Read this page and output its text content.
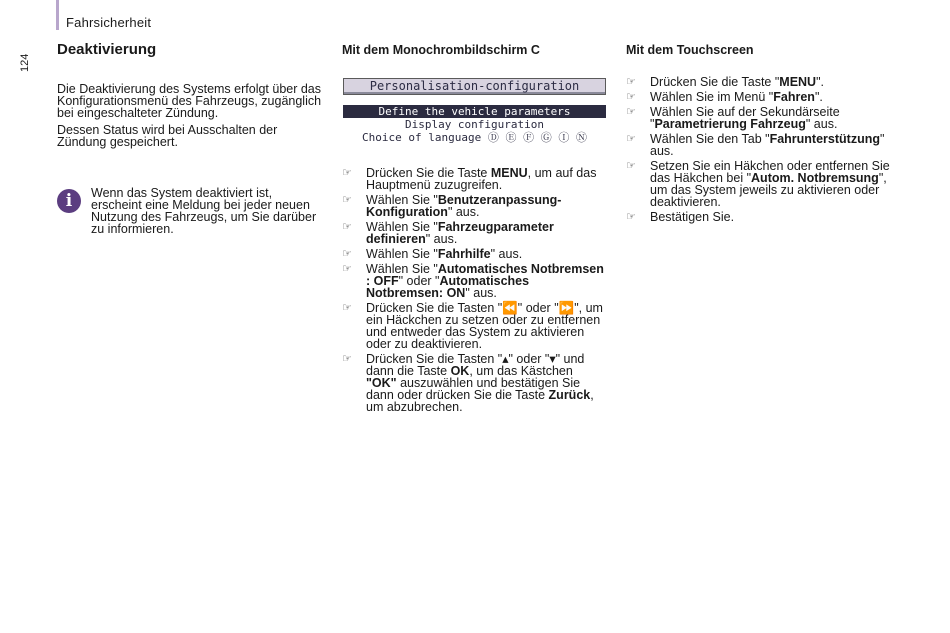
Fahrsicherheit
124
Deaktivierung

Die Deaktivierung des Systems erfolgt über das Konfigurationsmenü des Fahrzeugs, zugänglich bei eingeschalteter Zündung.

Dessen Status wird bei Ausschalten der Zündung gespeichert.

i	Wenn das System deaktiviert ist, erscheint eine Meldung bei jeder neuen Nutzung des Fahrzeugs, um Sie darüber zu informieren.
Mit dem Monochrombildschirm C
Personalisation-configuration
Define the vehicle parameters
Display configuration
Choice of language Ⓓ Ⓔ Ⓕ Ⓖ Ⓘ Ⓝ
☞ Drücken Sie die Taste MENU, um auf das Hauptmenü zuzugreifen.
☞ Wählen Sie "Benutzeranpassung-Konfiguration" aus.
☞ Wählen Sie "Fahrzeugparameter definieren" aus.
☞ Wählen Sie "Fahrhilfe" aus.
☞ Wählen Sie "Automatisches Notbremsen : OFF" oder "Automatisches Notbremsen: ON" aus.
☞ Drücken Sie die Tasten "⏪" oder "⏩", um ein Häckchen zu setzen oder zu entfernen und entweder das System zu aktivieren oder zu deaktivieren.
☞ Drücken Sie die Tasten "▴" oder "▾" und dann die Taste OK, um das Kästchen "OK" auszuwählen und bestätigen Sie dann oder drücken Sie die Taste Zurück, um abzubrechen.
Mit dem Touchscreen
☞ Drücken Sie die Taste "MENU".
☞ Wählen Sie im Menü "Fahren".
☞ Wählen Sie auf der Sekundärseite "Parametrierung Fahrzeug" aus.
☞ Wählen Sie den Tab "Fahrunterstützung" aus.
☞ Setzen Sie ein Häkchen oder entfernen Sie das Häkchen bei "Autom. Notbremsung", um das System jeweils zu aktivieren oder deaktivieren.
☞ Bestätigen Sie.
